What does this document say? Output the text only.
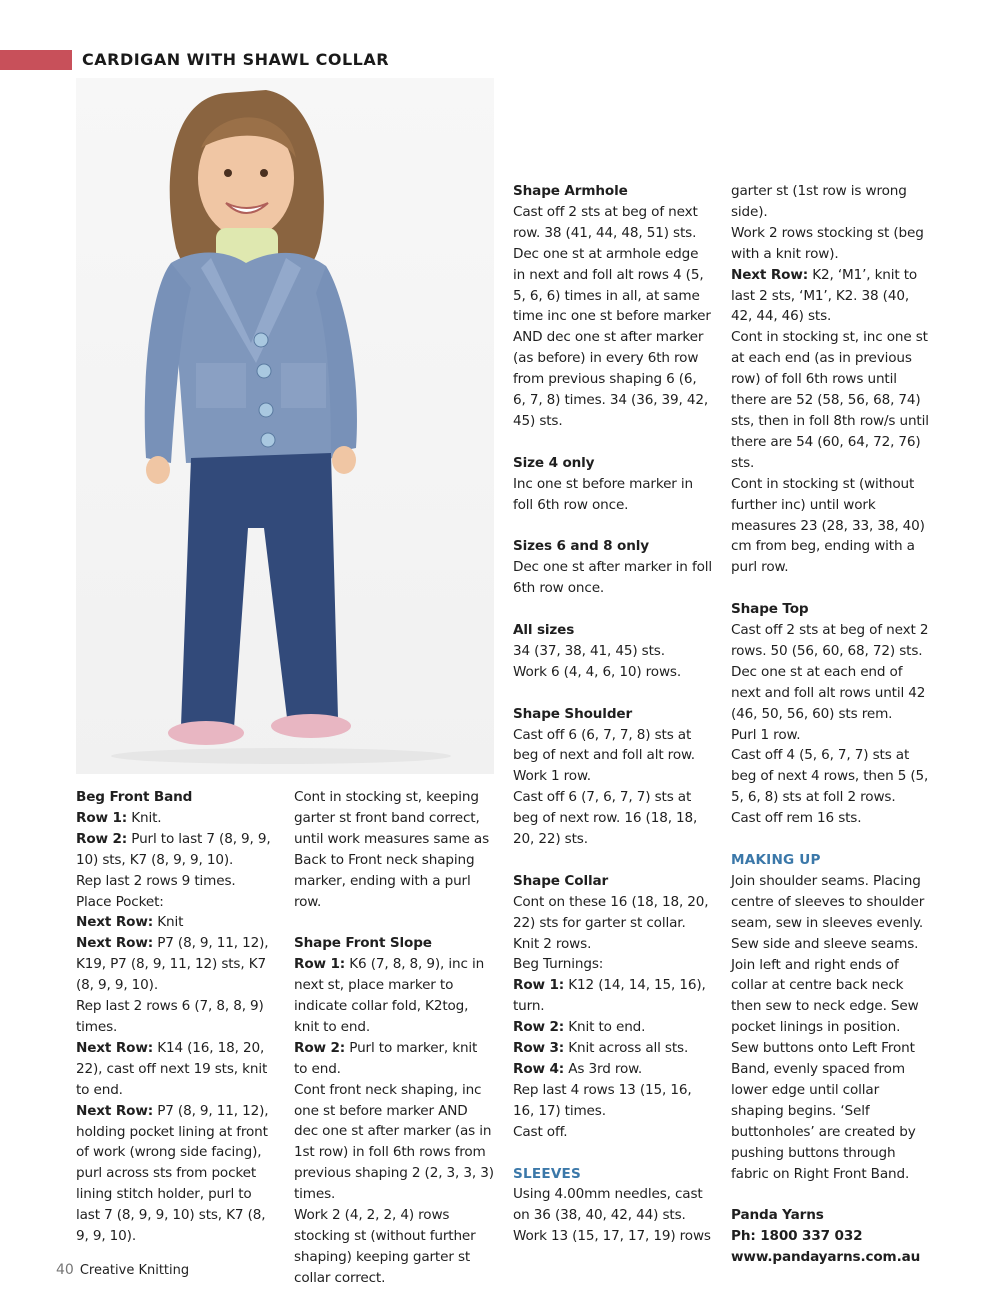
CARDIGAN WITH SHAWL COLLAR

Beg Front Band

Row 1: Knit.

Row 2: Purl to last 7 (8, 9, 9, 10) sts, K7 (8, 9, 9, 10).

Rep last 2 rows 9 times.

Place Pocket:

Next Row: Knit

Next Row: P7 (8, 9, 11, 12), K19, P7 (8, 9, 11, 12) sts, K7 (8, 9, 9, 10).

Rep last 2 rows 6 (7, 8, 8, 9) times.

Next Row: K14 (16, 18, 20, 22), cast off next 19 sts, knit to end.

Next Row: P7 (8, 9, 11, 12), holding pocket lining at front of work (wrong side facing), purl across sts from pocket lining stitch holder, purl to last 7 (8, 9, 9, 10) sts, K7 (8, 9, 9, 10).

Cont in stocking st, keeping garter st front band correct, until work measures same as Back to Front neck shaping marker, ending with a purl row.

Shape Front Slope

Row 1: K6 (7, 8, 8, 9), inc in next st, place marker to indicate collar fold, K2tog, knit to end.

Row 2: Purl to marker, knit to end.

Cont front neck shaping, inc one st before marker AND dec one st after marker (as in 1st row) in foll 6th rows from previous shaping 2 (2, 3, 3, 3) times.

Work 2 (4, 2, 2, 4) rows stocking st (without further shaping) keeping garter st collar correct.

Shape Armhole

Cast off 2 sts at beg of next row. 38 (41, 44, 48, 51) sts. Dec one st at armhole edge in next and foll alt rows 4 (5, 5, 6, 6) times in all, at same time inc one st before marker AND dec one st after marker (as before) in every 6th row from previous shaping 6 (6, 6, 7, 8) times. 34 (36, 39, 42, 45) sts.

Size 4 only

Inc one st before marker in foll 6th row once.

Sizes 6 and 8 only

Dec one st after marker in foll 6th row once.

All sizes

34 (37, 38, 41, 45) sts.

Work 6 (4, 4, 6, 10) rows.

Shape Shoulder

Cast off 6 (6, 7, 7, 8) sts at beg of next and foll alt row.

Work 1 row.

Cast off 6 (7, 6, 7, 7) sts at beg of next row. 16 (18, 18, 20, 22) sts.

Shape Collar

Cont on these 16 (18, 18, 20, 22) sts for garter st collar.

Knit 2 rows.

Beg Turnings:

Row 1: K12 (14, 14, 15, 16), turn.

Row 2: Knit to end.

Row 3: Knit across all sts.

Row 4: As 3rd row.

Rep last 4 rows 13 (15, 16, 16, 17) times.

Cast off.

SLEEVES

Using 4.00mm needles, cast on 36 (38, 40, 42, 44) sts.

Work 13 (15, 17, 17, 19) rows

garter st (1st row is wrong side).

Work 2 rows stocking st (beg with a knit row).

Next Row: K2, ‘M1’, knit to last 2 sts, ‘M1’, K2. 38 (40, 42, 44, 46) sts.

Cont in stocking st, inc one st at each end (as in previous row) of foll 6th rows until there are 52 (58, 56, 68, 74) sts, then in foll 8th row/s until there are 54 (60, 64, 72, 76) sts.

Cont in stocking st (without further inc) until work measures 23 (28, 33, 38, 40) cm from beg, ending with a purl row.

Shape Top

Cast off 2 sts at beg of next 2 rows. 50 (56, 60, 68, 72) sts.

Dec one st at each end of next and foll alt rows until 42 (46, 50, 56, 60) sts rem.

Purl 1 row.

Cast off 4 (5, 6, 7, 7) sts at beg of next 4 rows, then 5 (5, 5, 6, 8) sts at foll 2 rows.

Cast off rem 16 sts.

MAKING UP

Join shoulder seams. Placing centre of sleeves to shoulder seam, sew in sleeves evenly. Sew side and sleeve seams. Join left and right ends of collar at centre back neck then sew to neck edge. Sew pocket linings in position. Sew buttons onto Left Front Band, evenly spaced from lower edge until collar shaping begins. ‘Self buttonholes’ are created by pushing buttons through fabric on Right Front Band.

Panda Yarns

Ph: 1800 337 032

www.pandayarns.com.au

40 Creative Knitting
